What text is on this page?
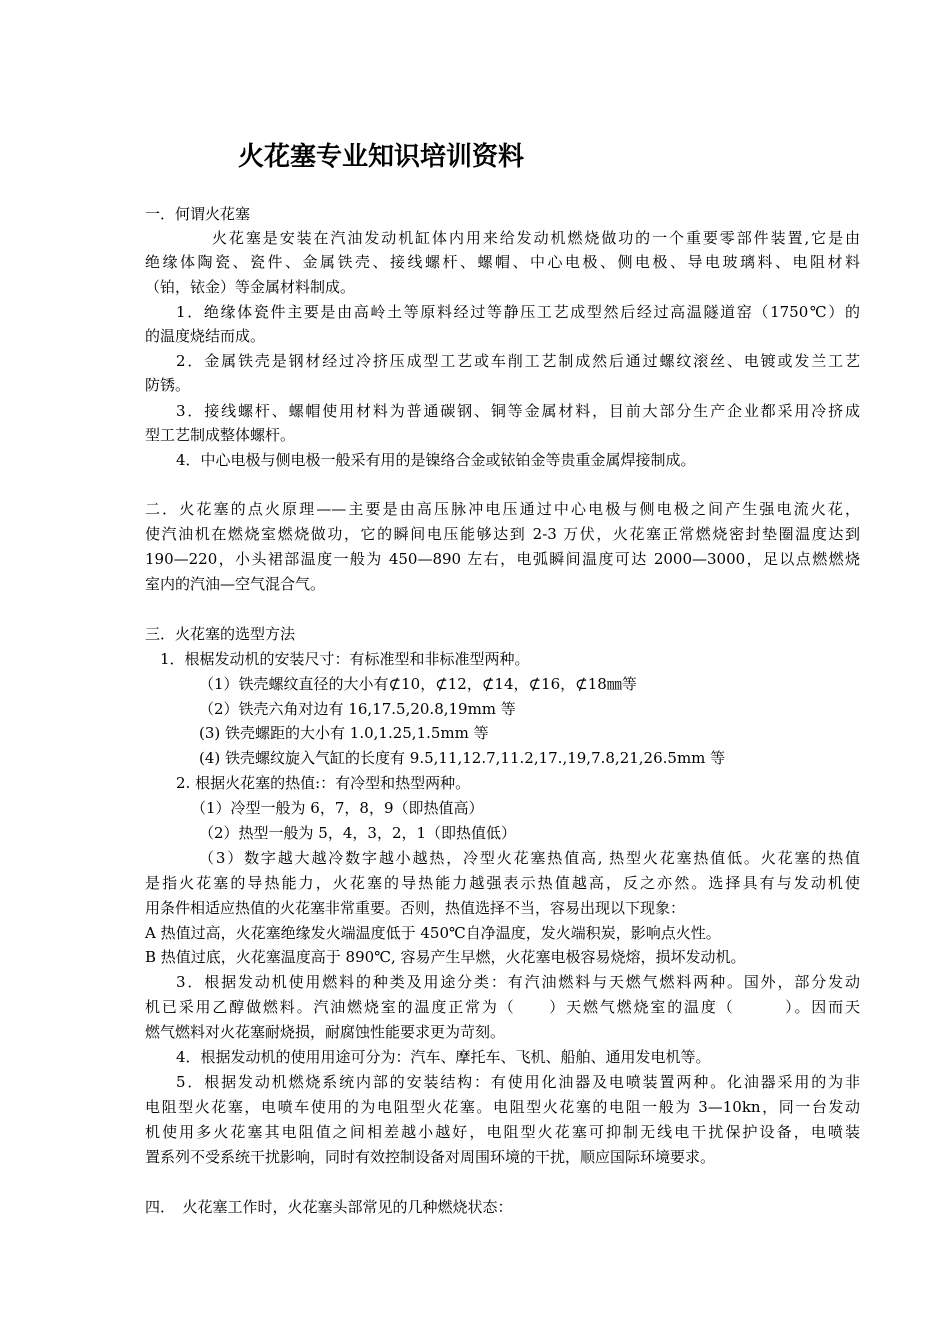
火花塞专业知识培训资料
一．何谓火花塞
火花塞是安装在汽油发动机缸体内用来给发动机燃烧做功的一个重要零部件装置,它是由
绝缘体陶瓷、瓷件、金属铁壳、接线螺杆、螺帽、中心电极、侧电极、导电玻璃料、电阻材料
（铂，铱金）等金属材料制成。
1．绝缘体瓷件主要是由高岭土等原料经过等静压工艺成型然后经过高温隧道窑（1750℃）的
的温度烧结而成。
2．金属铁壳是钢材经过冷挤压成型工艺或车削工艺制成然后通过螺纹滚丝、电镀或发兰工艺
防锈。
3．接线螺杆、螺帽使用材料为普通碳钢、铜等金属材料，目前大部分生产企业都采用冷挤成
型工艺制成整体螺杆。
4．中心电极与侧电极一般采有用的是镍络合金或铱铂金等贵重金属焊接制成。
二．火花塞的点火原理——主要是由高压脉冲电压通过中心电极与侧电极之间产生强电流火花，
使汽油机在燃烧室燃烧做功，它的瞬间电压能够达到 2-3 万伏，火花塞正常燃烧密封垫圈温度达到
190—220，小头裙部温度一般为 450—890 左右，电弧瞬间温度可达 2000—3000，足以点燃燃烧
室内的汽油—空气混合气。
三．火花塞的选型方法
1．根椐发动机的安装尺寸：有标准型和非标准型两种。
（1）铁壳螺纹直径的大小有⊄10，⊄12，⊄14，⊄16，⊄18㎜等
（2）铁壳六角对边有 16,17.5,20.8,19mm 等
(3) 铁壳螺距的大小有 1.0,1.25,1.5mm 等
(4) 铁壳螺纹旋入气缸的长度有 9.5,11,12.7,11.2,17.,19,7.8,21,26.5mm 等
2. 根据火花塞的热值:：有冷型和热型两种。
（1）冷型一般为 6，7，8，9（即热值高）
（2）热型一般为 5，4，3，2，1（即热值低）
（3）数字越大越冷数字越小越热，冷型火花塞热值高, 热型火花塞热值低。火花塞的热值
是指火花塞的导热能力，火花塞的导热能力越强表示热值越高，反之亦然。选择具有与发动机使
用条件相适应热值的火花塞非常重要。否则，热值选择不当，容易出现以下现象：
A 热值过高，火花塞绝缘发火端温度低于 450℃自净温度，发火端积炭，影响点火性。
B 热值过底，火花塞温度高于 890℃, 容易产生早燃，火花塞电极容易烧熔，损坏发动机。
3．根据发动机使用燃料的种类及用途分类：有汽油燃料与天燃气燃料两种。国外，部分发动
机已采用乙醇做燃料。汽油燃烧室的温度正常为（　　）天燃气燃烧室的温度（　　　）。因而天
燃气燃料对火花塞耐烧损，耐腐蚀性能要求更为苛刻。
4．根据发动机的使用用途可分为：汽车、摩托车、飞机、船舶、通用发电机等。
5．根据发动机燃烧系统内部的安装结构：有使用化油器及电喷装置两种。化油器采用的为非
电阻型火花塞，电喷车使用的为电阻型火花塞。电阻型火花塞的电阻一般为 3—10kn，同一台发动
机使用多火花塞其电阻值之间相差越小越好，电阻型火花塞可抑制无线电干扰保护设备，电喷装
置系列不受系统干扰影响，同时有效控制设备对周围环境的干扰，顺应国际环境要求。
四．　火花塞工作时，火花塞头部常见的几种燃烧状态：
